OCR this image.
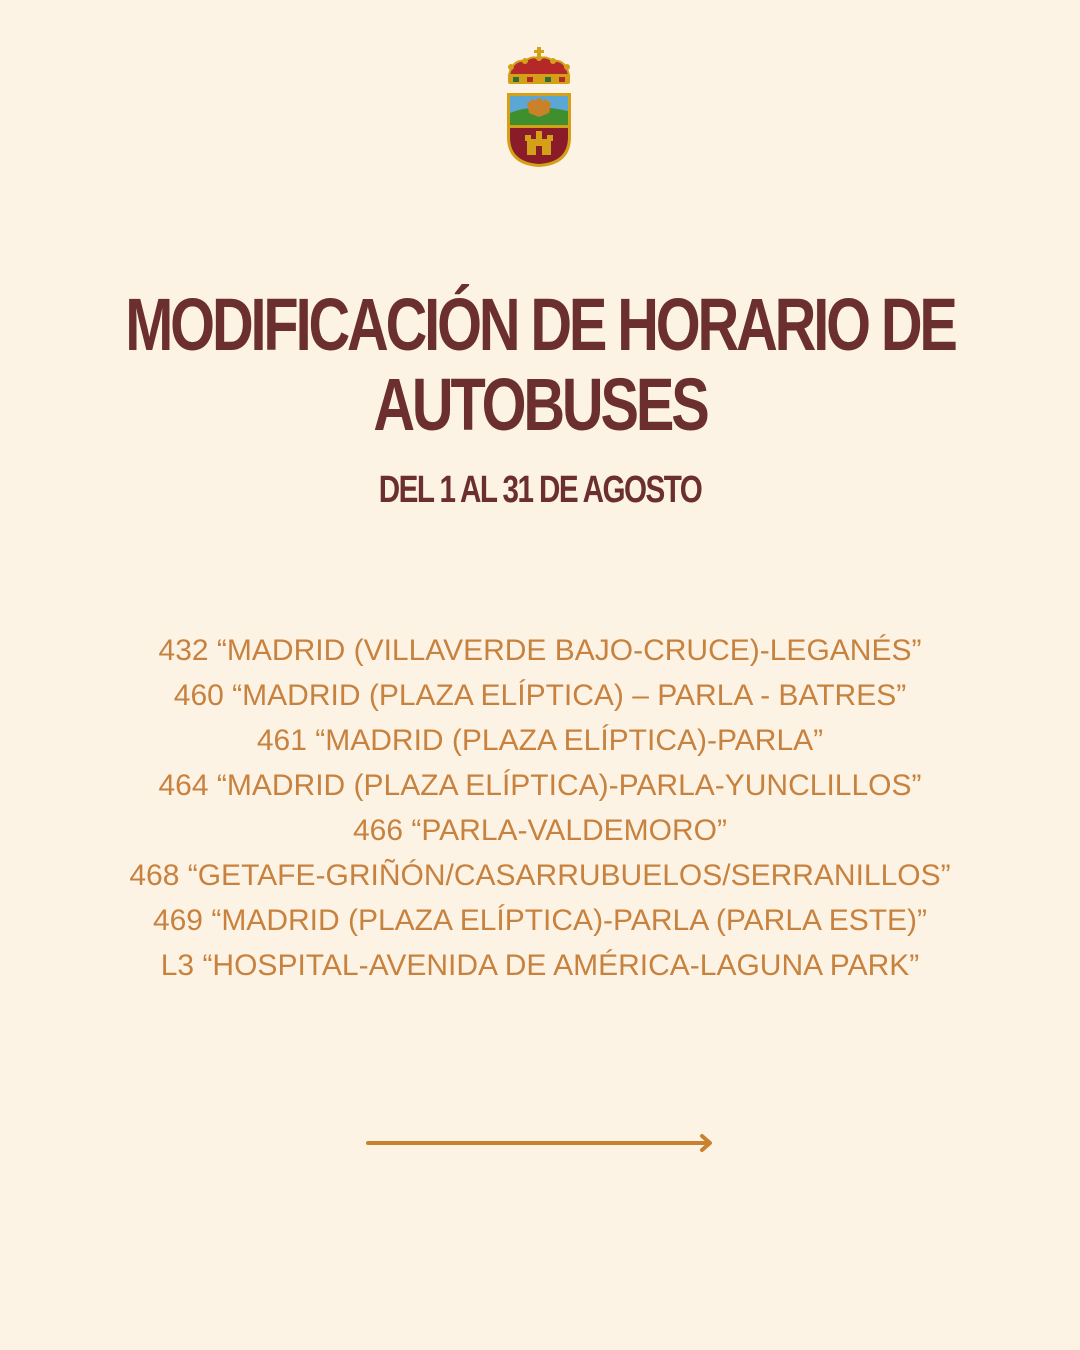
MODIFICACIÓN DE HORARIO DE
AUTOBUSES
DEL 1 AL 31 DE AGOSTO
432 “MADRID (VILLAVERDE BAJO-CRUCE)-LEGANÉS”
460 “MADRID (PLAZA ELÍPTICA) – PARLA - BATRES”
461 “MADRID (PLAZA ELÍPTICA)-PARLA”
464 “MADRID (PLAZA ELÍPTICA)-PARLA-YUNCLILLOS”
466 “PARLA-VALDEMORO”
468 “GETAFE-GRIÑÓN/CASARRUBUELOS/SERRANILLOS”
469 “MADRID (PLAZA ELÍPTICA)-PARLA (PARLA ESTE)”
L3 “HOSPITAL-AVENIDA DE AMÉRICA-LAGUNA PARK”
